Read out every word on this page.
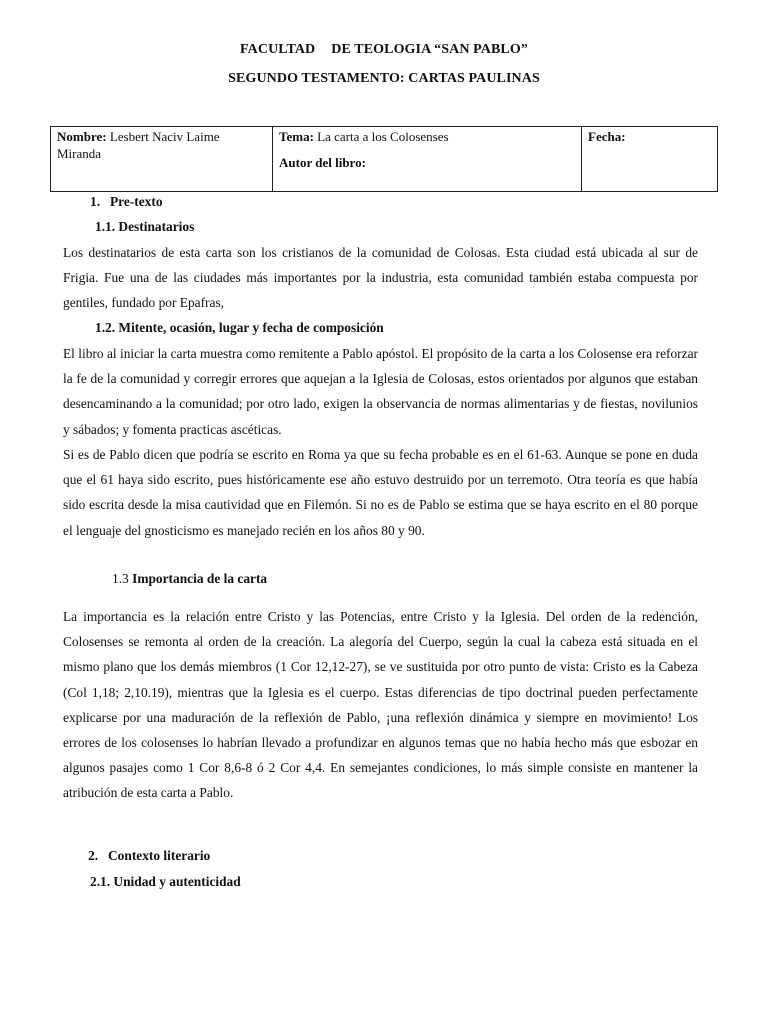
FACULTAD DE TEOLOGIA “SAN PABLO”
SEGUNDO TESTAMENTO: CARTAS PAULINAS
Nombre: Lesbert Naciv Laime Miranda	
Tema: La carta a los Colosenses
Autor del libro:
	Fecha:
1. Pre-texto
1.1. Destinatarios
Los destinatarios de esta carta son los cristianos de la comunidad de Colosas. Esta ciudad está ubicada al sur de Frigia. Fue una de las ciudades más importantes por la industria, esta comunidad también estaba compuesta por gentiles, fundado por Epafras,
1.2. Mitente, ocasión, lugar y fecha de composición
El libro al iniciar la carta muestra como remitente a Pablo apóstol. El propósito de la carta a los Colosense era reforzar la fe de la comunidad y corregir errores que aquejan a la Iglesia de Colosas, estos orientados por algunos que estaban desencaminando a la comunidad; por otro lado, exigen la observancia de normas alimentarias y de fiestas, novilunios y sábados; y fomenta practicas ascéticas.
Si es de Pablo dicen que podría se escrito en Roma ya que su fecha probable es en el 61-63. Aunque se pone en duda que el 61 haya sido escrito, pues históricamente ese año estuvo destruido por un terremoto. Otra teoría es que había sido escrita desde la misa cautividad que en Filemón. Si no es de Pablo se estima que se haya escrito en el 80 porque el lenguaje del gnosticismo es manejado recién en los años 80 y 90.
1.3 Importancia de la carta
La importancia es la relación entre Cristo y las Potencias, entre Cristo y la Iglesia. Del orden de la redención, Colosenses se remonta al orden de la creación. La alegoría del Cuerpo, según la cual la cabeza está situada en el mismo plano que los demás miembros (1 Cor 12,12-27), se ve sustituida por otro punto de vista: Cristo es la Cabeza (Col 1,18; 2,10.19), mientras que la Iglesia es el cuerpo. Estas diferencias de tipo doctrinal pueden perfectamente explicarse por una maduración de la reflexión de Pablo, ¡una reflexión dinámica y siempre en movimiento! Los errores de los colosenses lo habrían llevado a profundizar en algunos temas que no había hecho más que esbozar en algunos pasajes como 1 Cor 8,6-8 ó 2 Cor 4,4. En semejantes condiciones, lo más simple consiste en mantener la atribución de esta carta a Pablo.
2. Contexto literario
2.1. Unidad y autenticidad
